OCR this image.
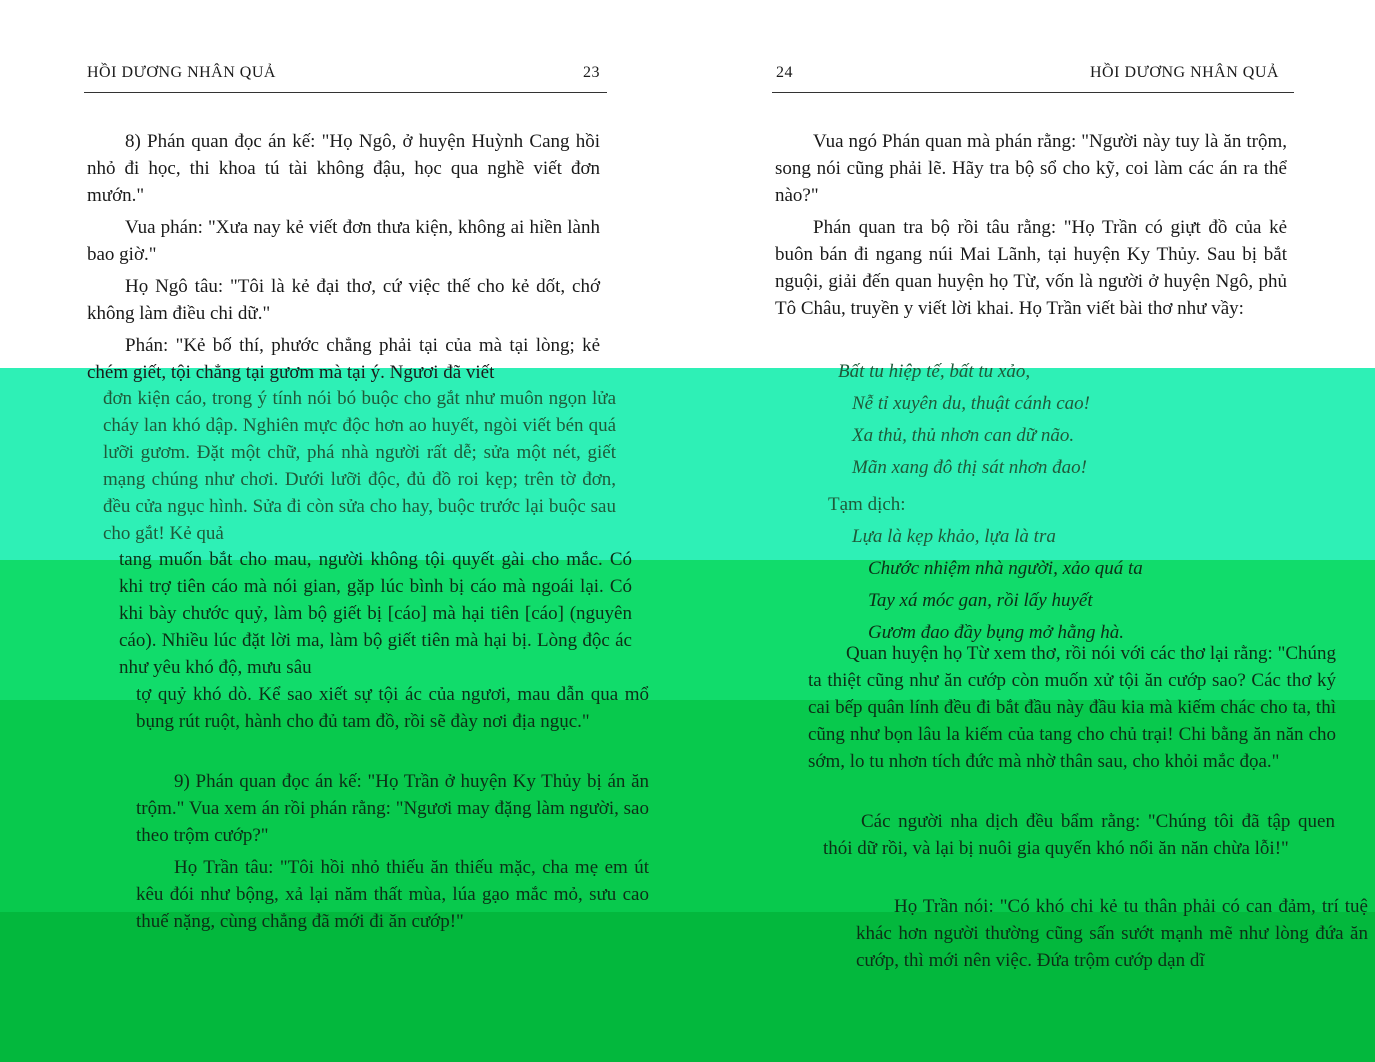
HỒI DƯƠNG NHÂN QUẢ	23

8) Phán quan đọc án kế: "Họ Ngô, ở huyện Huỳnh Cang hồi nhỏ đi học, thi khoa tú tài không đậu, học qua nghề viết đơn mướn."

Vua phán: "Xưa nay kẻ viết đơn thưa kiện, không ai hiền lành bao giờ."

Họ Ngô tâu: "Tôi là kẻ đại thơ, cứ việc thế cho kẻ dốt, chớ không làm điều chi dữ."

Phán: "Kẻ bố thí, phước chẳng phải tại của mà tại lòng; kẻ chém giết, tội chẳng tại gươm mà tại ý. Ngươi đã viết

đơn kiện cáo, trong ý tính nói bó buộc cho gắt như muôn ngọn lửa cháy lan khó dập. Nghiên mực độc hơn ao huyết, ngòi viết bén quá lưỡi gươm. Đặt một chữ, phá nhà người rất dễ; sửa một nét, giết mạng chúng như chơi. Dưới lưỡi độc, đủ đồ roi kẹp; trên tờ đơn, đều cửa ngục hình. Sửa đi còn sửa cho hay, buộc trước lại buộc sau cho gắt! Kẻ quả

tang muốn bắt cho mau, người không tội quyết gài cho mắc. Có khi trợ tiên cáo mà nói gian, gặp lúc bình bị cáo mà ngoái lại. Có khi bày chước quỷ, làm bộ giết bị [cáo] mà hại tiên [cáo] (nguyên cáo). Nhiều lúc đặt lời ma, làm bộ giết tiên mà hại bị. Lòng độc ác như yêu khó độ, mưu sâu

tợ quỷ khó dò. Kể sao xiết sự tội ác của ngươi, mau dẫn qua mổ bụng rút ruột, hành cho đủ tam đồ, rồi sẽ đày nơi địa ngục."

9) Phán quan đọc án kế: "Họ Trần ở huyện Ky Thủy bị án ăn trộm." Vua xem án rồi phán rằng: "Ngươi may đặng làm người, sao theo trộm cướp?"

Họ Trần tâu: "Tôi hồi nhỏ thiếu ăn thiếu mặc, cha mẹ em út kêu đói như bộng, xả lại năm thất mùa, lúa gạo mắc mỏ, sưu cao thuế nặng, cùng chẳng đã mới đi ăn cướp!"

24	HỒI DƯƠNG NHÂN QUẢ

Vua ngó Phán quan mà phán rằng: "Người này tuy là ăn trộm, song nói cũng phải lẽ. Hãy tra bộ sổ cho kỹ, coi làm các án ra thể nào?"

Phán quan tra bộ rồi tâu rằng: "Họ Trần có giựt đồ của kẻ buôn bán đi ngang núi Mai Lãnh, tại huyện Ky Thủy. Sau bị bắt nguội, giải đến quan huyện họ Từ, vốn là người ở huyện Ngô, phủ Tô Châu, truyền y viết lời khai. Họ Trần viết bài thơ như vầy:

Bất tu hiệp tế, bất tu xảo,
Nễ tỉ xuyên du, thuật cánh cao!
Xa thủ, thủ nhơn can dữ não.
Mãn xang đô thị sát nhơn đao!
Tạm dịch:
Lựa là kẹp khảo, lựa là tra
Chước nhiệm nhà người, xảo quá ta
Tay xá móc gan, rồi lấy huyết
Gươm đao đầy bụng mở hằng hà.

Quan huyện họ Từ xem thơ, rồi nói với các thơ lại rằng: "Chúng ta thiệt cũng như ăn cướp còn muốn xử tội ăn cướp sao? Các thơ ký cai bếp quân lính đều đi bắt đầu này đầu kia mà kiếm chác cho ta, thì cũng như bọn lâu la kiếm của tang cho chủ trại! Chi bằng ăn năn cho sớm, lo tu nhơn tích đức mà nhờ thân sau, cho khỏi mắc đọa."

Các người nha dịch đều bẩm rằng: "Chúng tôi đã tập quen thói dữ rồi, và lại bị nuôi gia quyến khó nổi ăn năn chừa lỗi!"

Họ Trần nói: "Có khó chi kẻ tu thân phải có can đảm, trí tuệ khác hơn người thường cũng sấn sướt mạnh mẽ như lòng đứa ăn cướp, thì mới nên việc. Đứa trộm cướp dạn dĩ
